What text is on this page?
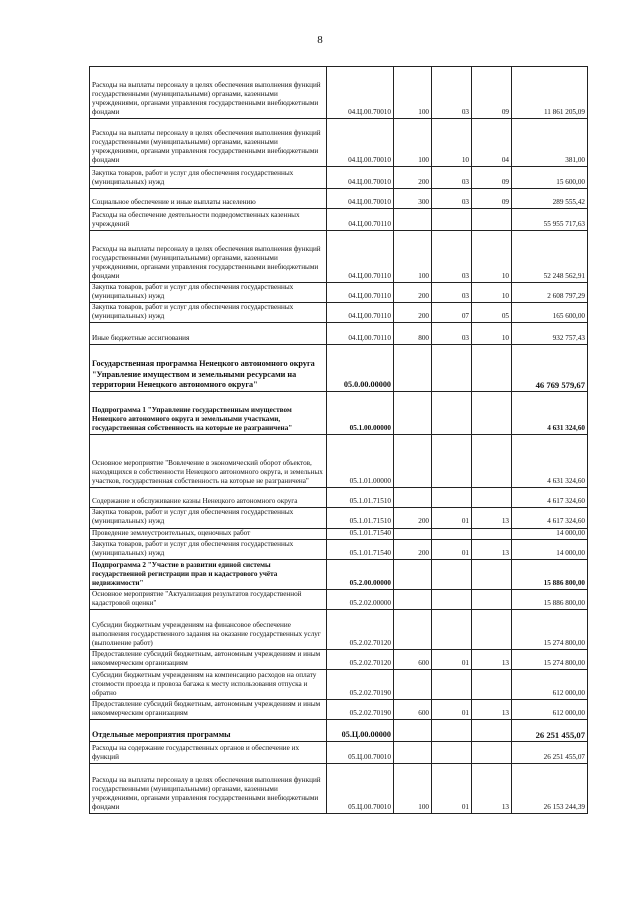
8
Расходы на выплаты персоналу в целях обеспечения выполнения функций государственными (муниципальными) органами, казенными учреждениями, органами управления государственными внебюджетными фондами	04.Ц.00.70010	100	03	09	11 861 205,09
Расходы на выплаты персоналу в целях обеспечения выполнения функций государственными (муниципальными) органами, казенными учреждениями, органами управления государственными внебюджетными фондами	04.Ц.00.70010	100	10	04	381,00
Закупка товаров, работ и услуг для обеспечения государственных (муниципальных) нужд	04.Ц.00.70010	200	03	09	15 600,00
Социальное обеспечение и иные выплаты населению	04.Ц.00.70010	300	03	09	289 555,42
Расходы на обеспечение деятельности подведомственных казенных учреждений	04.Ц.00.70110				55 955 717,63
Расходы на выплаты персоналу в целях обеспечения выполнения функций государственными (муниципальными) органами, казенными учреждениями, органами управления государственными внебюджетными фондами	04.Ц.00.70110	100	03	10	52 248 562,91
Закупка товаров, работ и услуг для обеспечения государственных (муниципальных) нужд	04.Ц.00.70110	200	03	10	2 608 797,29
Закупка товаров, работ и услуг для обеспечения государственных (муниципальных) нужд	04.Ц.00.70110	200	07	05	165 600,00
Иные бюджетные ассигнования	04.Ц.00.70110	800	03	10	932 757,43
Государственная программа Ненецкого автономного округа "Управление имуществом и земельными ресурсами на территории Ненецкого автономного округа"	05.0.00.00000				46 769 579,67
Подпрограмма 1 "Управление государственным имуществом Ненецкого автономного округа и земельными участками, государственная собственность на которые не разграничена"	05.1.00.00000				4 631 324,60
Основное мероприятие "Вовлечение в экономический оборот объектов, находящихся в собственности Ненецкого автономного округа, и земельных участков, государственная собственность на которые не разграничена"	05.1.01.00000				4 631 324,60
Содержание и обслуживание казны Ненецкого автономного округа	05.1.01.71510				4 617 324,60
Закупка товаров, работ и услуг для обеспечения государственных (муниципальных) нужд	05.1.01.71510	200	01	13	4 617 324,60
Проведение землеустроительных, оценочных работ	05.1.01.71540				14 000,00
Закупка товаров, работ и услуг для обеспечения государственных (муниципальных) нужд	05.1.01.71540	200	01	13	14 000,00
Подпрограмма 2 "Участие в развитии единой системы государственной регистрации прав и кадастрового учёта недвижимости"	05.2.00.00000				15 886 800,00
Основное мероприятие "Актуализация результатов государственной кадастровой оценки"	05.2.02.00000				15 886 800,00
Субсидии бюджетным учреждениям на финансовое обеспечение выполнения государственного задания на оказание государственных услуг (выполнение работ)	05.2.02.70120				15 274 800,00
Предоставление субсидий бюджетным, автономным учреждениям и иным некоммерческим организациям	05.2.02.70120	600	01	13	15 274 800,00
Субсидии бюджетным учреждениям на компенсацию расходов на оплату стоимости проезда и провоза багажа к месту использования отпуска и обратно	05.2.02.70190				612 000,00
Предоставление субсидий бюджетным, автономным учреждениям и иным некоммерческим организациям	05.2.02.70190	600	01	13	612 000,00
Отдельные мероприятия программы	05.Ц.00.00000				26 251 455,07
Расходы на содержание государственных органов и обеспечение их функций	05.Ц.00.70010				26 251 455,07
Расходы на выплаты персоналу в целях обеспечения выполнения функций государственными (муниципальными) органами, казенными учреждениями, органами управления государственными внебюджетными фондами	05.Ц.00.70010	100	01	13	26 153 244,39
